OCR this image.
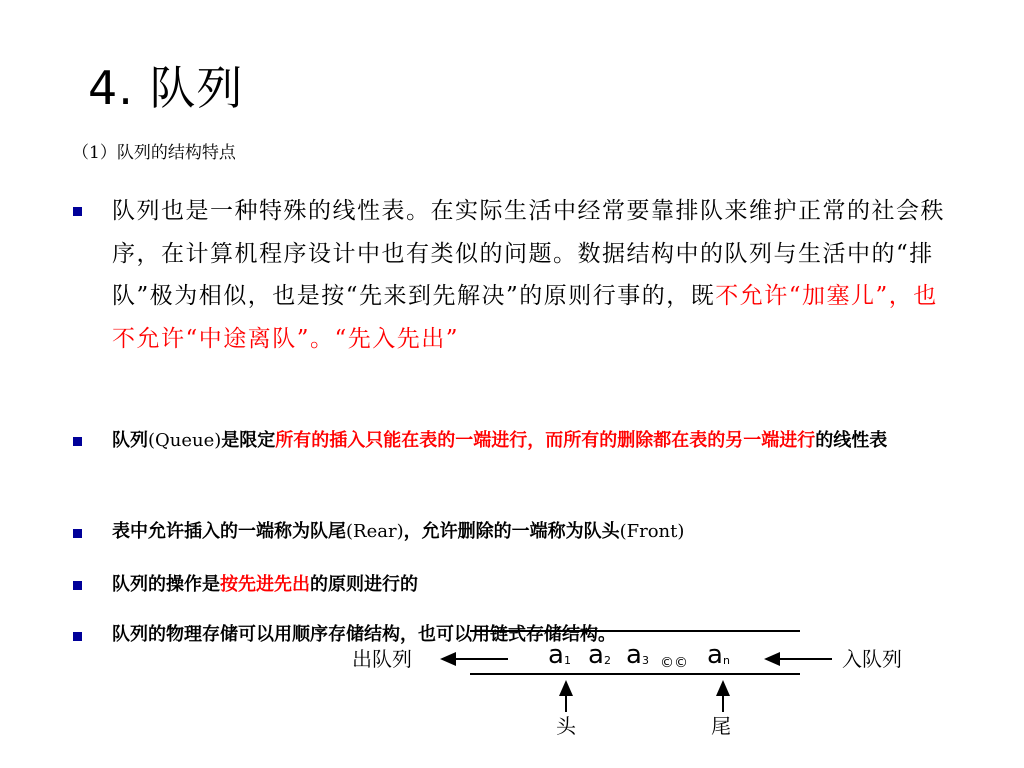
4. 队列
（1）队列的结构特点
队列也是一种特殊的线性表。在实际生活中经常要靠排队来维护正常的社会秩序，在计算机程序设计中也有类似的问题。数据结构中的队列与生活中的“排队”极为相似，也是按“先来到先解决”的原则行事的，既不允许“加塞儿”，也不允许“中途离队”。“先入先出”
队列(Queue)是限定所有的插入只能在表的一端进行，而所有的删除都在表的另一端进行的线性表
表中允许插入的一端称为队尾(Rear)，允许删除的一端称为队头(Front)
队列的操作是按先进先出的原则进行的
队列的物理存储可以用顺序存储结构，也可以用链式存储结构。
出队列	入队列
头	尾
$a_1$ $a_2$ $a_3$ ©© $a_n$
